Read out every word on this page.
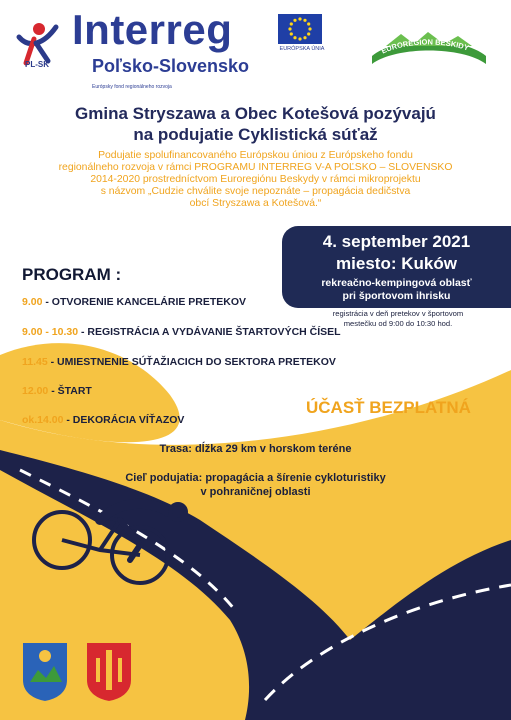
PL-SK
Interreg
Poľsko-Slovensko
Európsky fond regionálneho rozvoja
EURÓPSKA ÚNIA	EUROREGION BESKIDY
Gmina Stryszawa a Obec Kotešová pozývajú
na podujatie Cyklistická súťaž
Podujatie spolufinancovaného Európskou úniou z Európskeho fondu
regionálneho rozvoja v rámci PROGRAMU INTERREG V-A POĽSKO – SLOVENSKO
2014-2020 prostredníctvom Euroregiónu Beskydy v rámci mikroprojektu
s názvom „Cudzie chválite svoje nepoznáte – propagácia dedičstva
obcí Stryszawa a Kotešová.“
4. september 2021
miesto: Kuków
rekreačno-kempingová oblasť
pri športovom ihrisku
registrácia v deň pretekov v športovom
mestečku od 9:00 do 10:30 hod.
PROGRAM :
9.00 - OTVORENIE KANCELÁRIE PRETEKOV
9.00 - 10.30 - REGISTRÁCIA A VYDÁVANIE ŠTARTOVÝCH ČÍSEL
11.45 - UMIESTNENIE SÚŤAŽIACICH DO SEKTORA PRETEKOV
12.00 - ŠTART
ok.14.00 - DEKORÁCIA VÍŤAZOV
ÚČASŤ BEZPLATNÁ
Trasa: dĺžka 29 km v horskom teréne
Cieľ podujatia: propagácia a šírenie cykloturistiky
v pohraničnej oblasti
